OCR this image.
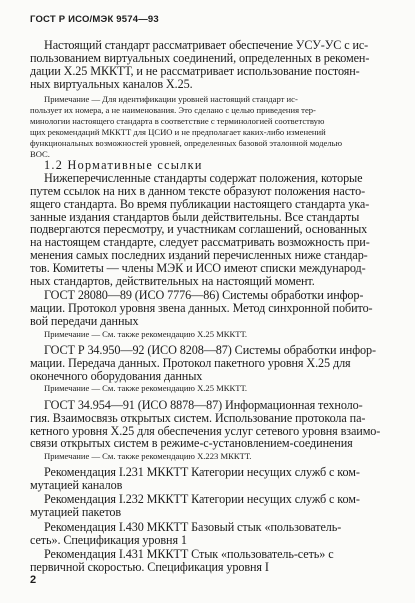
ГОСТ Р ИСО/МЭК 9574—93
Настоящий стандарт рассматривает обеспечение УСУ-УС с ис-
пользованием виртуальных соединений, определенных в рекомен-
дации X.25 МККТТ, и не рассматривает использование постоян-
ных виртуальных каналов X.25.
Примечание — Для идентификации уровней настоящий стандарт ис-
пользует их номера, а не наименования. Это сделано с целью приведения тер-
минологии настоящего стандарта в соответствие с терминологией соответствую
щих рекомендаций МККТТ для ЦСИО и не предполагает каких-либо изменений
функциональных возможностей уровней, определенных базовой эталонной моделью
ВОС.
1.2 Нормативные ссылки
Нижеперечисленные стандарты содержат положения, которые
путем ссылок на них в данном тексте образуют положения насто-
ящего стандарта. Во время публикации настоящего стандарта ука-
занные издания стандартов были действительны. Все стандарты
подвергаются пересмотру, и участникам соглашений, основанных
на настоящем стандарте, следует рассматривать возможность при-
менения самых последних изданий перечисленных ниже стандар-
тов. Комитеты — члены МЭК и ИСО имеют списки международ-
ных стандартов, действительных на настоящий момент.
ГОСТ 28080—89 (ИСО 7776—86) Системы обработки инфор-
мации. Протокол уровня звена данных. Метод синхронной побито-
вой передачи данных
Примечание — См. также рекомендацию X.25 МККТТ.
ГОСТ Р 34.950—92 (ИСО 8208—87) Системы обработки инфор-
мации. Передача данных. Протокол пакетного уровня X.25 для
оконечного оборудования данных
Примечание — См. также рекомендацию X.25 МККТТ.
ГОСТ 34.954—91 (ИСО 8878—87) Информационная техноло-
гия. Взаимосвязь открытых систем. Использование протокола па-
кетного уровня X.25 для обеспечения услуг сетевого уровня взаимо-
связи открытых систем в режиме-с-установлением-соединения
Примечание — См. также рекомендацию X.223 МККТТ.
Рекомендация I.231 МККТТ Категории несущих служб с ком-
мутацией каналов
Рекомендация I.232 МККТТ Категории несущих служб с ком-
мутацией пакетов
Рекомендация I.430 МККТТ Базовый стык «пользователь-
сеть». Спецификация уровня 1
Рекомендация I.431 МККТТ Стык «пользователь-сеть» с
первичной скоростью. Спецификация уровня I
2
